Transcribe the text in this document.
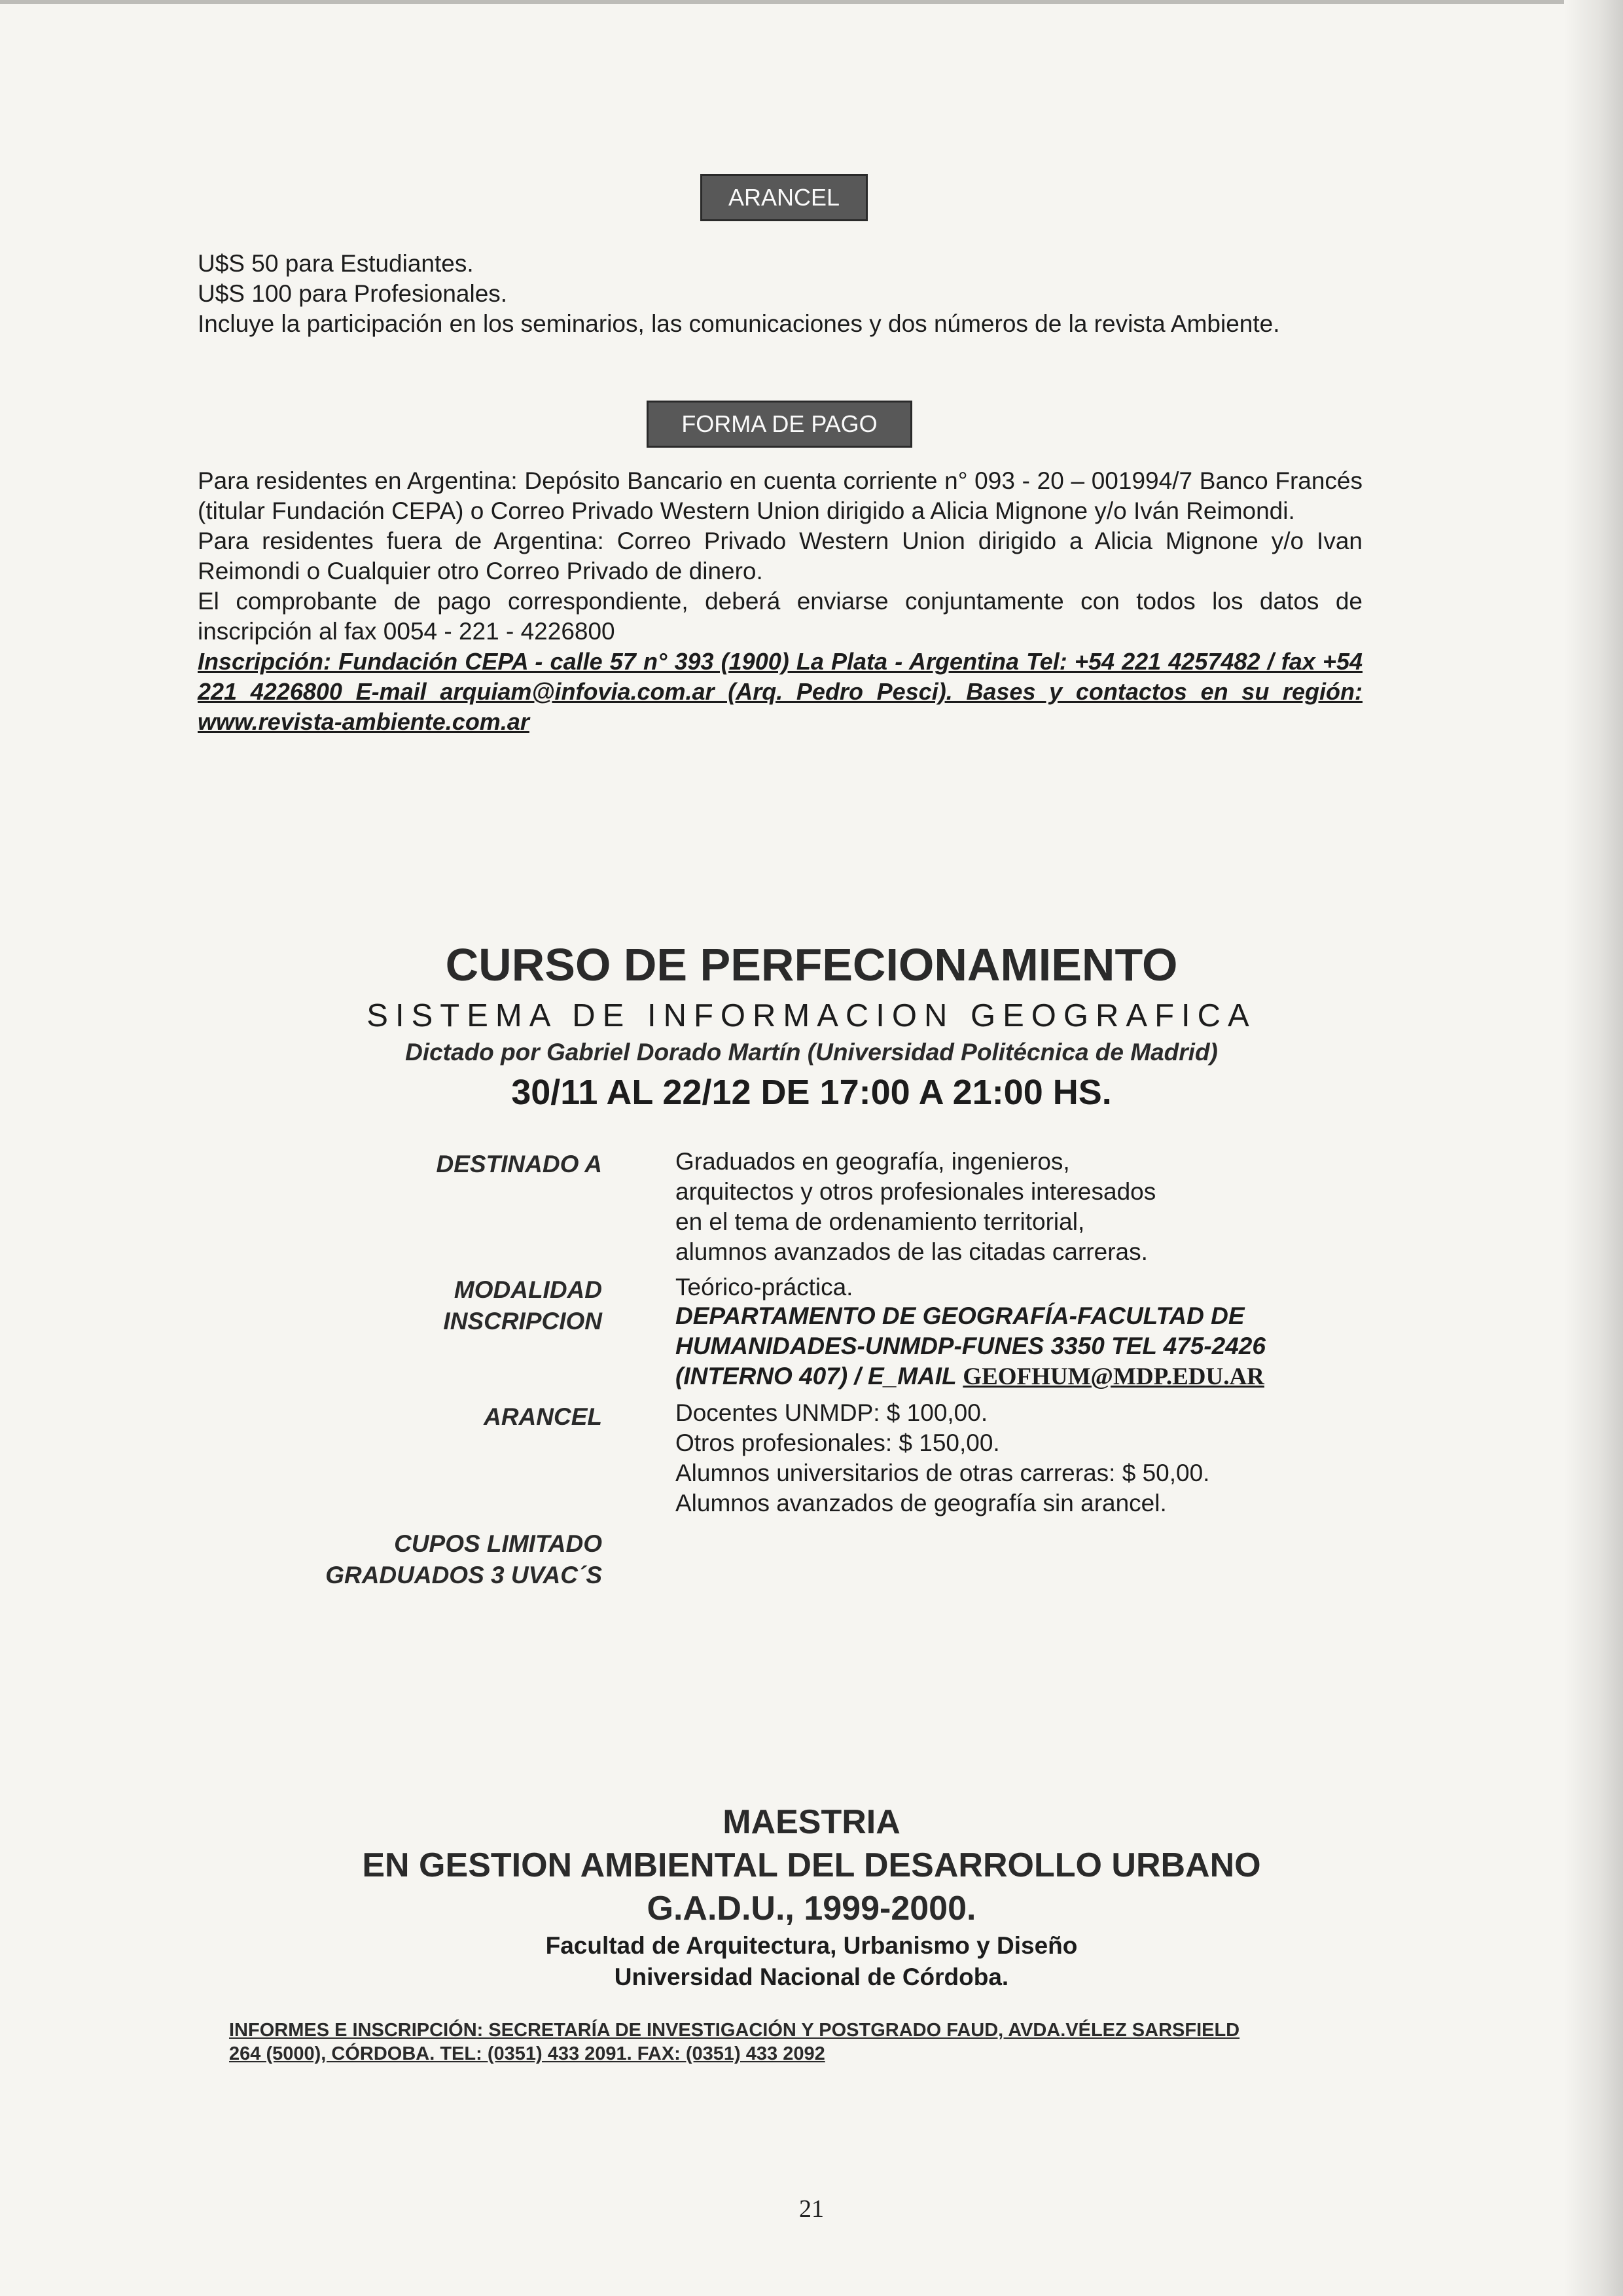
ARANCEL

U$S 50 para Estudiantes.

U$S 100 para Profesionales.

Incluye la participación en los seminarios, las comunicaciones y dos números de la revista Ambiente.

FORMA DE PAGO

Para residentes en Argentina: Depósito Bancario en cuenta corriente n° 093 - 20 – 001994/7 Banco Francés (titular Fundación CEPA) o Correo Privado Western Union dirigido a Alicia Mignone y/o Iván Reimondi.

Para residentes fuera de Argentina: Correo Privado Western Union dirigido a Alicia Mignone y/o Ivan Reimondi o Cualquier otro Correo Privado de dinero.

El comprobante de pago correspondiente, deberá enviarse conjuntamente con todos los datos de inscripción al fax 0054 - 221 - 4226800

Inscripción: Fundación CEPA - calle 57 n° 393 (1900) La Plata - Argentina Tel: +54 221 4257482 / fax +54 221 4226800 E-mail arquiam@infovia.com.ar (Arq. Pedro Pesci). Bases y contactos en su región: www.revista-ambiente.com.ar

CURSO DE PERFECIONAMIENTO
SISTEMA DE INFORMACION GEOGRAFICA
Dictado por Gabriel Dorado Martín (Universidad Politécnica de Madrid)
30/11 AL 22/12 DE 17:00 A 21:00 HS.
DESTINADO A	Graduados en geografía, ingenieros,

arquitectos y otros profesionales interesados

en el tema de ordenamiento territorial,

alumnos avanzados de las citadas carreras.

MODALIDAD	Teórico-práctica.
INSCRIPCION	DEPARTAMENTO DE GEOGRAFÍA-FACULTAD DE

HUMANIDADES-UNMDP-FUNES 3350 TEL 475-2426

(INTERNO 407) / E_MAIL GEOFHUM@MDP.EDU.AR

ARANCEL	Docentes UNMDP: $ 100,00.

Otros profesionales: $ 150,00.

Alumnos universitarios de otras carreras: $ 50,00.

Alumnos avanzados de geografía sin arancel.

CUPOS LIMITADO
GRADUADOS 3 UVAC´S
MAESTRIA
EN GESTION AMBIENTAL DEL DESARROLLO URBANO
G.A.D.U., 1999-2000.
Facultad de Arquitectura, Urbanismo y Diseño
Universidad Nacional de Córdoba.
INFORMES E INSCRIPCIÓN: SECRETARÍA DE INVESTIGACIÓN Y POSTGRADO FAUD, AVDA.VÉLEZ SARSFIELD 264 (5000), CÓRDOBA. TEL: (0351) 433 2091. FAX: (0351) 433 2092
21
